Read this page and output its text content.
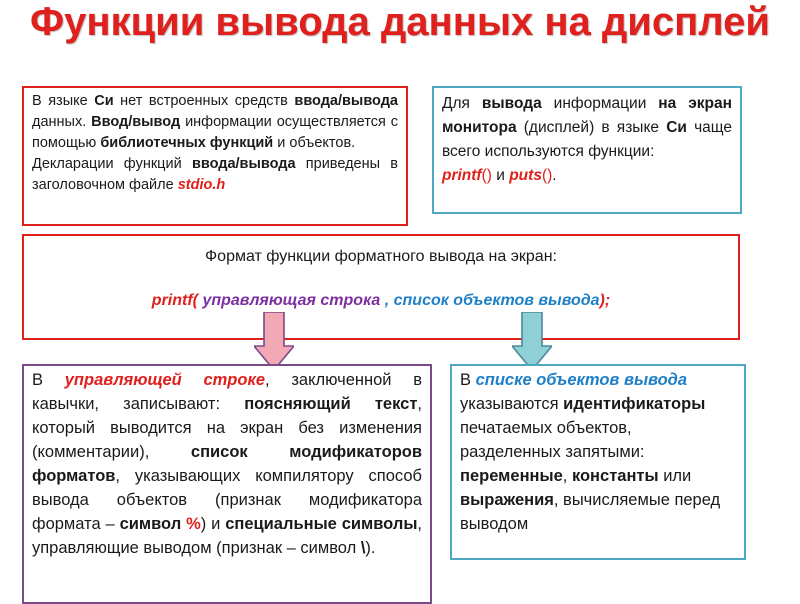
Функции вывода данных на дисплей

В языке Си нет встроенных средств ввода/вывода данных. Ввод/вывод информации осуществляется с помощью библиотечных функций и объектов.

Декларации функций ввода/вывода приведены в заголовочном файле stdio.h

Для вывода информации на экран монитора (дисплей) в языке Си чаще всего используются функции:
printf() и puts().

Формат функции форматного вывода на экран:

printf( управляющая строка , список объектов вывода);

В управляющей строке, заключенной в кавычки, записывают: поясняющий текст, который выводится на экран без изменения (комментарии), список модификаторов форматов, указывающих компилятору способ вывода объектов (признак модификатора формата – символ %) и специальные символы, управляющие выводом (признак – символ \).

В списке объектов вывода указываются идентификаторы печатаемых объектов, разделенных запятыми: переменные, константы или выражения, вычисляемые перед выводом
